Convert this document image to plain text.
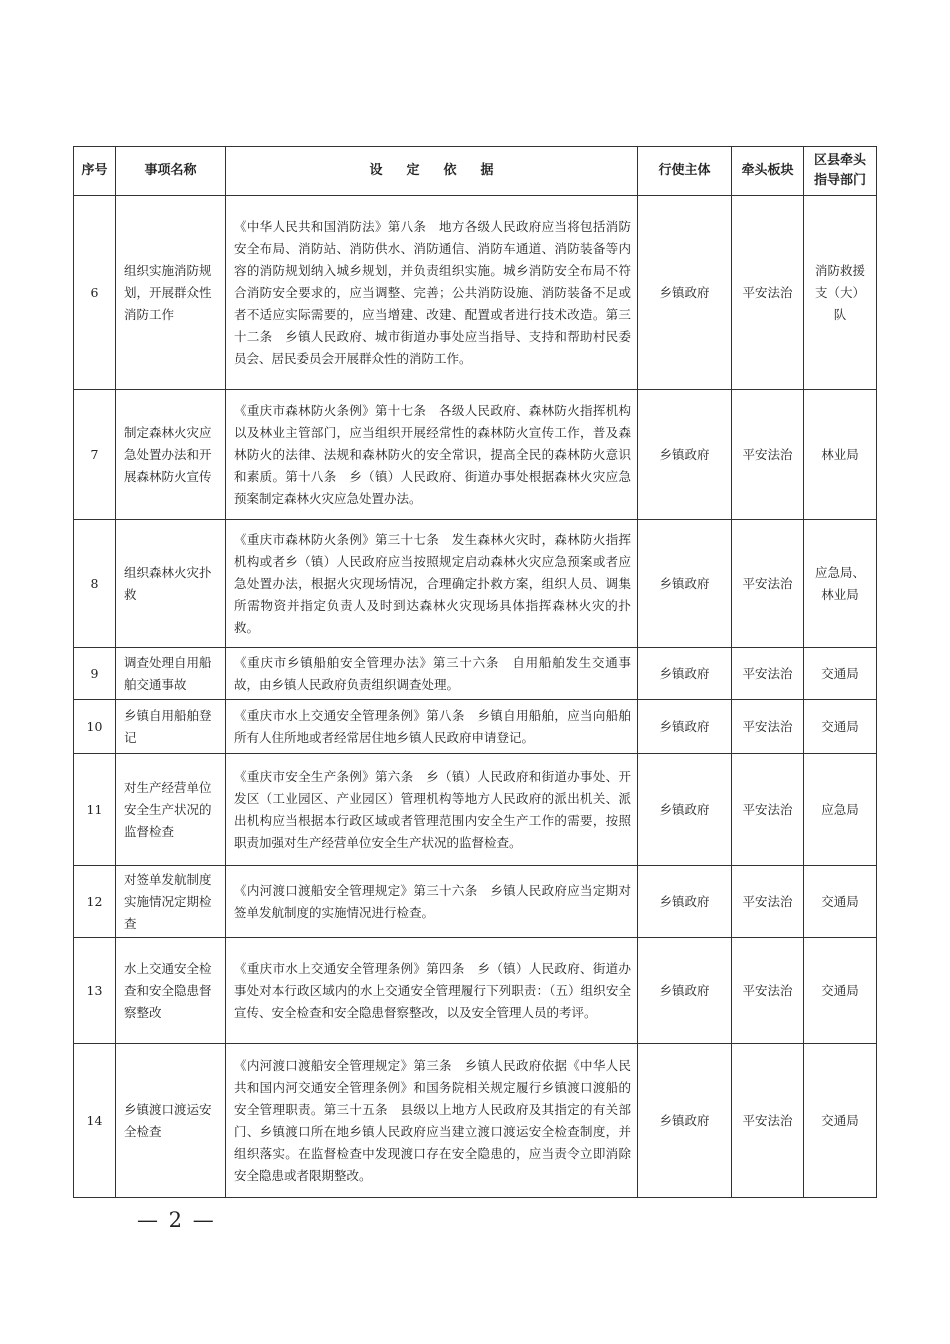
序号	事项名称	设定依据	行使主体	牵头板块	区县牵头
指导部门

6	组织实施消防规划，开展群众性消防工作	《中华人民共和国消防法》第八条　地方各级人民政府应当将包括消防安全布局、消防站、消防供水、消防通信、消防车通道、消防装备等内容的消防规划纳入城乡规划，并负责组织实施。城乡消防安全布局不符合消防安全要求的，应当调整、完善；公共消防设施、消防装备不足或者不适应实际需要的，应当增建、改建、配置或者进行技术改造。第三十二条　乡镇人民政府、城市街道办事处应当指导、支持和帮助村民委员会、居民委员会开展群众性的消防工作。	乡镇政府	平安法治	消防救援支（大）队
7	制定森林火灾应急处置办法和开展森林防火宣传	《重庆市森林防火条例》第十七条　各级人民政府、森林防火指挥机构以及林业主管部门，应当组织开展经常性的森林防火宣传工作，普及森林防火的法律、法规和森林防火的安全常识，提高全民的森林防火意识和素质。第十八条　乡（镇）人民政府、街道办事处根据森林火灾应急预案制定森林火灾应急处置办法。	乡镇政府	平安法治	林业局
8	组织森林火灾扑救	《重庆市森林防火条例》第三十七条　发生森林火灾时，森林防火指挥机构或者乡（镇）人民政府应当按照规定启动森林火灾应急预案或者应急处置办法，根据火灾现场情况，合理确定扑救方案，组织人员、调集所需物资并指定负责人及时到达森林火灾现场具体指挥森林火灾的扑救。	乡镇政府	平安法治	应急局、林业局
9	调查处理自用船舶交通事故	《重庆市乡镇船舶安全管理办法》第三十六条　自用船舶发生交通事故，由乡镇人民政府负责组织调查处理。	乡镇政府	平安法治	交通局
10	乡镇自用船舶登记	《重庆市水上交通安全管理条例》第八条　乡镇自用船舶，应当向船舶所有人住所地或者经常居住地乡镇人民政府申请登记。	乡镇政府	平安法治	交通局
11	对生产经营单位安全生产状况的监督检查	《重庆市安全生产条例》第六条　乡（镇）人民政府和街道办事处、开发区（工业园区、产业园区）管理机构等地方人民政府的派出机关、派出机构应当根据本行政区域或者管理范围内安全生产工作的需要，按照职责加强对生产经营单位安全生产状况的监督检查。	乡镇政府	平安法治	应急局
12	对签单发航制度实施情况定期检查	《内河渡口渡船安全管理规定》第三十六条　乡镇人民政府应当定期对签单发航制度的实施情况进行检查。	乡镇政府	平安法治	交通局
13	水上交通安全检查和安全隐患督察整改	《重庆市水上交通安全管理条例》第四条　乡（镇）人民政府、街道办事处对本行政区域内的水上交通安全管理履行下列职责：（五）组织安全宣传、安全检查和安全隐患督察整改，以及安全管理人员的考评。	乡镇政府	平安法治	交通局
14	乡镇渡口渡运安全检查	《内河渡口渡船安全管理规定》第三条　乡镇人民政府依据《中华人民共和国内河交通安全管理条例》和国务院相关规定履行乡镇渡口渡船的安全管理职责。第三十五条　县级以上地方人民政府及其指定的有关部门、乡镇渡口所在地乡镇人民政府应当建立渡口渡运安全检查制度，并组织落实。在监督检查中发现渡口存在安全隐患的，应当责令立即消除安全隐患或者限期整改。	乡镇政府	平安法治	交通局
— 2 —
